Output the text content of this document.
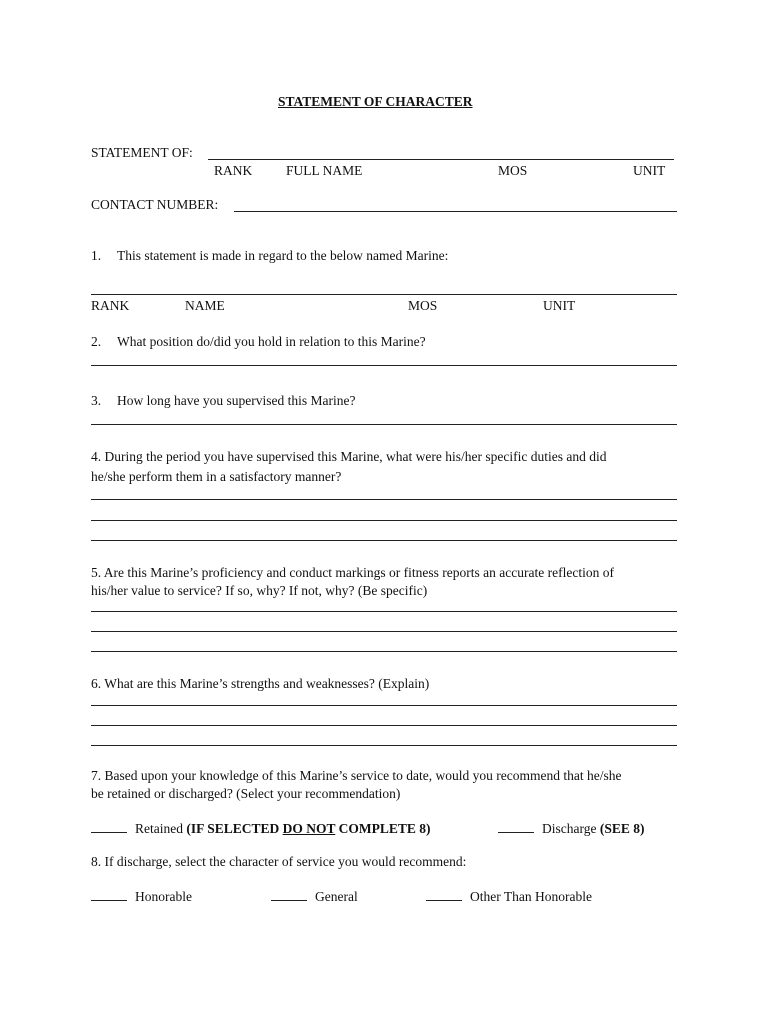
STATEMENT OF CHARACTER
STATEMENT OF:
RANK FULL NAME	MOS	UNIT
CONTACT NUMBER:
1. This statement is made in regard to the below named Marine:
RANK	NAME	MOS	UNIT
2. What position do/did you hold in relation to this Marine?
3. How long have you supervised this Marine?
4. During the period you have supervised this Marine, what were his/her specific duties and did
he/she perform them in a satisfactory manner?
5. Are this Marine’s proficiency and conduct markings or fitness reports an accurate reflection of
his/her value to service? If so, why? If not, why? (Be specific)
6. What are this Marine’s strengths and weaknesses? (Explain)
7. Based upon your knowledge of this Marine’s service to date, would you recommend that he/she
be retained or discharged? (Select your recommendation)
Retained (IF SELECTED DO NOT COMPLETE 8)	Discharge (SEE 8)
8. If discharge, select the character of service you would recommend:
Honorable	General	Other Than Honorable
